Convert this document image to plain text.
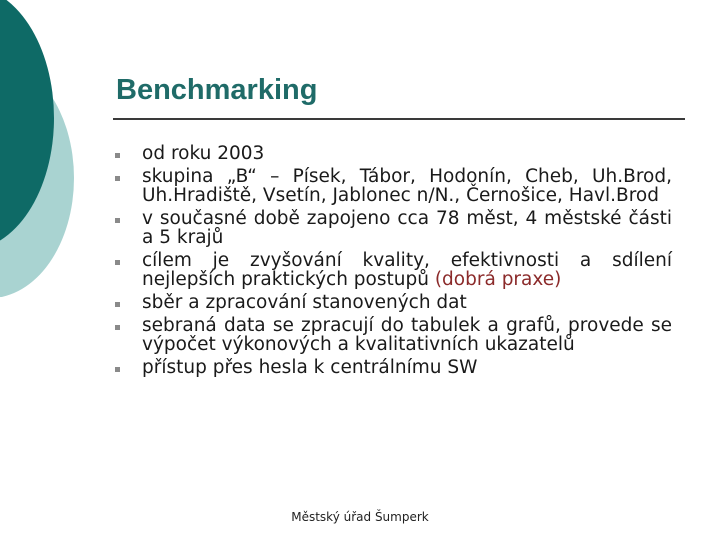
Benchmarking
od roku 2003
skupina „B“ – Písek, Tábor, Hodonín, Cheb, Uh.Brod, Uh.Hradiště, Vsetín, Jablonec n/N., Černošice, Havl.Brod
v současné době zapojeno cca 78 měst, 4 městské části a 5 krajů
cílem je zvyšování kvality, efektivnosti a sdílení nejlepších praktických postupů (dobrá praxe)
sběr a zpracování stanovených dat
sebraná data se zpracují do tabulek a grafů, provede se výpočet výkonových a kvalitativních ukazatelů
přístup přes hesla k centrálnímu SW
Městský úřad Šumperk
